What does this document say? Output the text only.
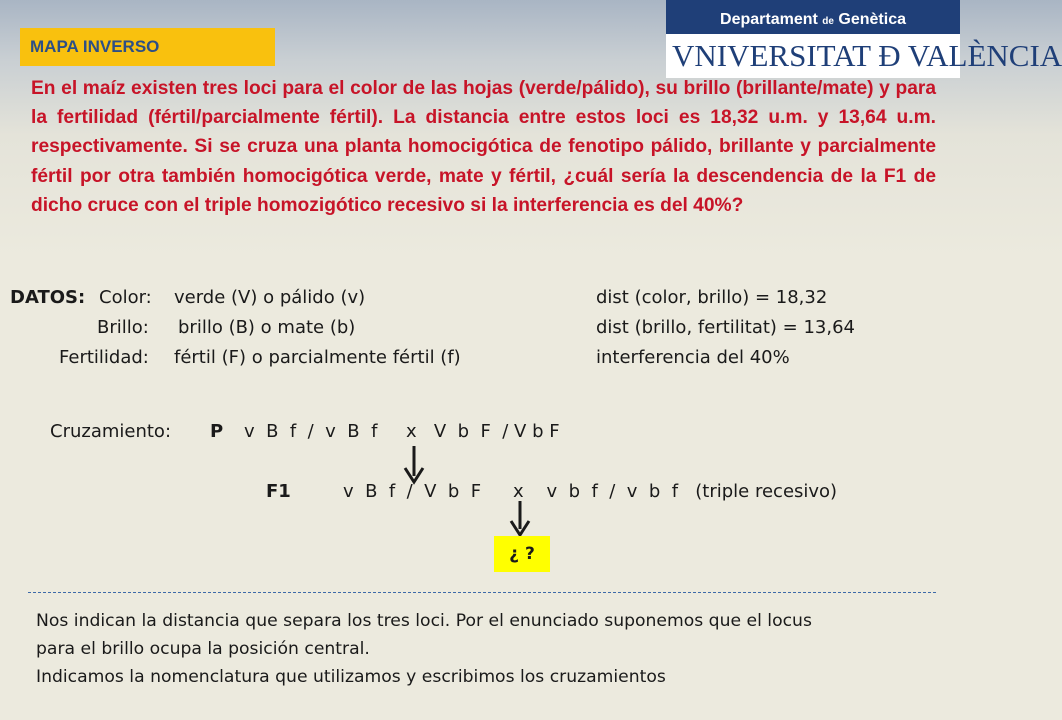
MAPA INVERSO
Departament de Genètica
VNIVERSITAT Đ VALÈNCIA

En el maíz existen tres loci para el color de las hojas (verde/pálido), su brillo (brillante/mate) y para la fertilidad (fértil/parcialmente fértil). La distancia entre estos loci es 18,32 u.m. y 13,64 u.m. respectivamente. Si se cruza una planta homocigótica de fenotipo pálido, brillante y parcialmente fértil por otra también homocigótica verde, mate y fértil, ¿cuál sería la descendencia de la F1 de dicho cruce con el triple homozigótico recesivo si la interferencia es del 40%?

DATOS: Color: verde (V) o pálido (v)
Brillo: brillo (B) o mate (b)
Fertilidad: fértil (F) o parcialmente fértil (f)
dist (color, brillo) = 18,32
dist (brillo, fertilitat) = 13,64
interferencia del 40%
Cruzamiento: P v  B  f  /  v  B  f     x   V  b  F  / V b F
F1	v  B  f  /  V  b  F x    v  b  f  /  v  b  f   (triple recesivo)
¿ ?
Nos indican la distancia que separa los tres loci. Por el enunciado suponemos que el locus
para el brillo ocupa la posición central.
Indicamos la nomenclatura que utilizamos y escribimos los cruzamientos
